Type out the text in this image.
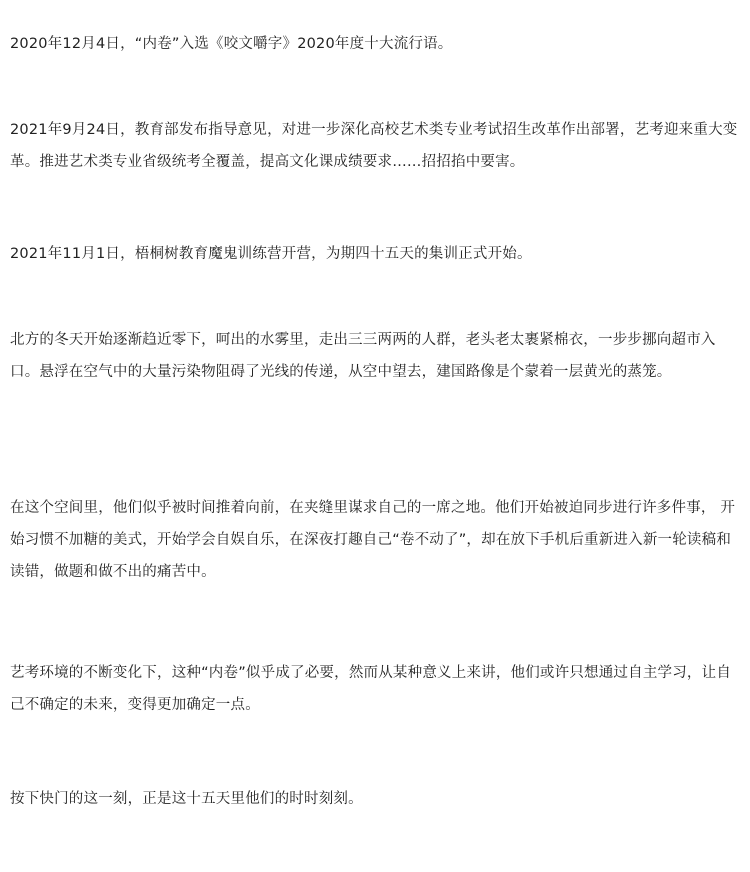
2020年12月4日，“内卷”入选《咬文嚼字》2020年度十大流行语。

2021年9月24日，教育部发布指导意见，对进一步深化高校艺术类专业考试招生改革作出部署，艺考迎来重大变革。推进艺术类专业省级统考全覆盖，提高文化课成绩要求……招招掐中要害。

2021年11月1日，梧桐树教育魔鬼训练营开营，为期四十五天的集训正式开始。

北方的冬天开始逐渐趋近零下，呵出的水雾里，走出三三两两的人群，老头老太裹紧棉衣，一步步挪向超市入口。悬浮在空气中的大量污染物阻碍了光线的传递，从空中望去，建国路像是个蒙着一层黄光的蒸笼。

在这个空间里，他们似乎被时间推着向前，在夹缝里谋求自己的一席之地。他们开始被迫同步进行许多件事， 开始习惯不加糖的美式，开始学会自娱自乐，在深夜打趣自己“卷不动了”，却在放下手机后重新进入新一轮读稿和读错，做题和做不出的痛苦中。

艺考环境的不断变化下，这种“内卷”似乎成了必要，然而从某种意义上来讲，他们或许只想通过自主学习，让自己不确定的未来，变得更加确定一点。

按下快门的这一刻，正是这十五天里他们的时时刻刻。
